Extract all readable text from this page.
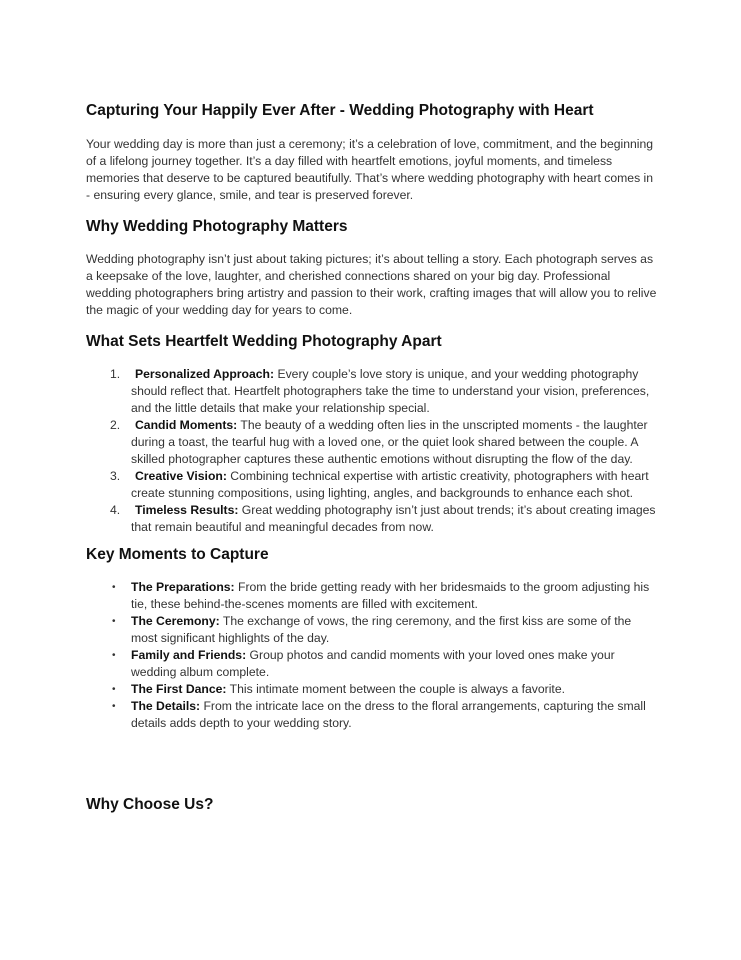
Capturing Your Happily Ever After - Wedding Photography with Heart

Your wedding day is more than just a ceremony; it’s a celebration of love, commitment, and the beginning of a lifelong journey together. It’s a day filled with heartfelt emotions, joyful moments, and timeless memories that deserve to be captured beautifully. That’s where wedding photography with heart comes in - ensuring every glance, smile, and tear is preserved forever.

Why Wedding Photography Matters

Wedding photography isn’t just about taking pictures; it’s about telling a story. Each photograph serves as a keepsake of the love, laughter, and cherished connections shared on your big day. Professional wedding photographers bring artistry and passion to their work, crafting images that will allow you to relive the magic of your wedding day for years to come.

What Sets Heartfelt Wedding Photography Apart
1. Personalized Approach: Every couple’s love story is unique, and your wedding photography should reflect that. Heartfelt photographers take the time to understand your vision, preferences, and the little details that make your relationship special.
2. Candid Moments: The beauty of a wedding often lies in the unscripted moments - the laughter during a toast, the tearful hug with a loved one, or the quiet look shared between the couple. A skilled photographer captures these authentic emotions without disrupting the flow of the day.
3. Creative Vision: Combining technical expertise with artistic creativity, photographers with heart create stunning compositions, using lighting, angles, and backgrounds to enhance each shot.
4. Timeless Results: Great wedding photography isn’t just about trends; it’s about creating images that remain beautiful and meaningful decades from now.
Key Moments to Capture
• The Preparations: From the bride getting ready with her bridesmaids to the groom adjusting his tie, these behind-the-scenes moments are filled with excitement.
• The Ceremony: The exchange of vows, the ring ceremony, and the first kiss are some of the most significant highlights of the day.
• Family and Friends: Group photos and candid moments with your loved ones make your wedding album complete.
• The First Dance: This intimate moment between the couple is always a favorite.
• The Details: From the intricate lace on the dress to the floral arrangements, capturing the small details adds depth to your wedding story.
Why Choose Us?
